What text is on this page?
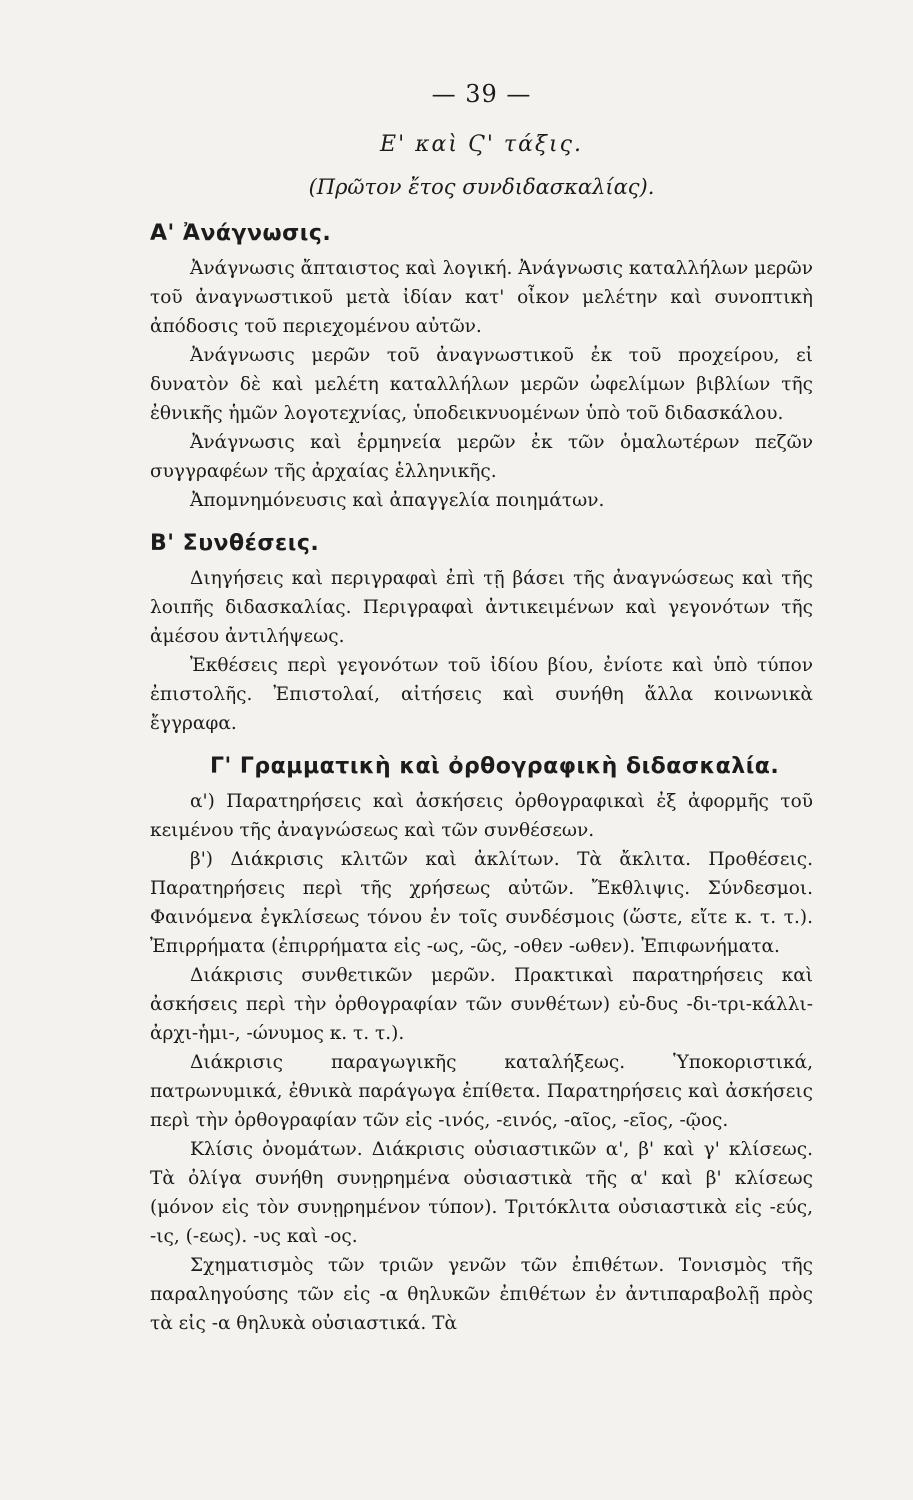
— 39 —
Ε' καὶ Ϛ' τάξις.
(Πρῶτον ἔτος συνδιδασκαλίας).
Α' Ἀνάγνωσις.

Ἀνάγνωσις ἄπταιστος καὶ λογική. Ἀνάγνωσις καταλλήλων μερῶν τοῦ ἀναγνωστικοῦ μετὰ ἰδίαν κατ' οἶκον μελέτην καὶ συνοπτικὴ ἀπόδοσις τοῦ περιεχομένου αὐτῶν.

Ἀνάγνωσις μερῶν τοῦ ἀναγνωστικοῦ ἐκ τοῦ προχείρου, εἰ δυνατὸν δὲ καὶ μελέτη καταλλήλων μερῶν ὠφελίμων βιβλίων τῆς ἐθνικῆς ἡμῶν λογοτεχνίας, ὑποδεικνυομένων ὑπὸ τοῦ διδασκάλου.

Ἀνάγνωσις καὶ ἑρμηνεία μερῶν ἐκ τῶν ὁμαλωτέρων πεζῶν συγγραφέων τῆς ἀρχαίας ἑλληνικῆς.

Ἀπομνημόνευσις καὶ ἀπαγγελία ποιημάτων.

Β' Συνθέσεις.

Διηγήσεις καὶ περιγραφαὶ ἐπὶ τῇ βάσει τῆς ἀναγνώσεως καὶ τῆς λοιπῆς διδασκαλίας. Περιγραφαὶ ἀντικειμένων καὶ γεγονότων τῆς ἀμέσου ἀντιλήψεως.

Ἐκθέσεις περὶ γεγονότων τοῦ ἰδίου βίου, ἐνίοτε καὶ ὑπὸ τύπον ἐπιστολῆς. Ἐπιστολαί, αἰτήσεις καὶ συνήθη ἄλλα κοινωνικὰ ἔγγραφα.

Γ' Γραμματικὴ καὶ ὀρθογραφικὴ διδασκαλία.

α') Παρατηρήσεις καὶ ἀσκήσεις ὀρθογραφικαὶ ἐξ ἀφορμῆς τοῦ κειμένου τῆς ἀναγνώσεως καὶ τῶν συνθέσεων.

β') Διάκρισις κλιτῶν καὶ ἀκλίτων. Τὰ ἄκλιτα. Προθέσεις. Παρατηρήσεις περὶ τῆς χρήσεως αὐτῶν. Ἔκθλιψις. Σύνδεσμοι. Φαινόμενα ἐγκλίσεως τόνου ἐν τοῖς συνδέσμοις (ὥστε, εἴτε κ. τ. τ.). Ἐπιρρήματα (ἐπιρρήματα εἰς -ως, -ῶς, -οθεν -ωθεν). Ἐπιφωνήματα.

Διάκρισις συνθετικῶν μερῶν. Πρακτικαὶ παρατηρήσεις καὶ ἀσκήσεις περὶ τὴν ὀρθογραφίαν τῶν συνθέτων) εὐ-δυς -δι-τρι-κάλλι- ἀρχι-ἡμι-, -ώνυμος κ. τ. τ.).

Διάκρισις παραγωγικῆς καταλήξεως. Ὑποκοριστικά, πατρωνυμικά, ἐθνικὰ παράγωγα ἐπίθετα. Παρατηρήσεις καὶ ἀσκήσεις περὶ τὴν ὀρθογραφίαν τῶν εἰς -ινός, -εινός, -αῖος, -εῖος, -ῷος.

Κλίσις ὀνομάτων. Διάκρισις οὐσιαστικῶν α', β' καὶ γ' κλίσεως. Τὰ ὀλίγα συνήθη συνῃρημένα οὐσιαστικὰ τῆς α' καὶ β' κλίσεως (μόνον εἰς τὸν συνῃρημένον τύπον). Τριτόκλιτα οὐσιαστικὰ εἰς -εύς, -ις, (-εως). -υς καὶ -ος.

Σχηματισμὸς τῶν τριῶν γενῶν τῶν ἐπιθέτων. Τονισμὸς τῆς παραληγούσης τῶν εἰς -α θηλυκῶν ἐπιθέτων ἐν ἀντιπαραβολῇ πρὸς τὰ εἰς -α θηλυκὰ οὐσιαστικά. Τὰ
